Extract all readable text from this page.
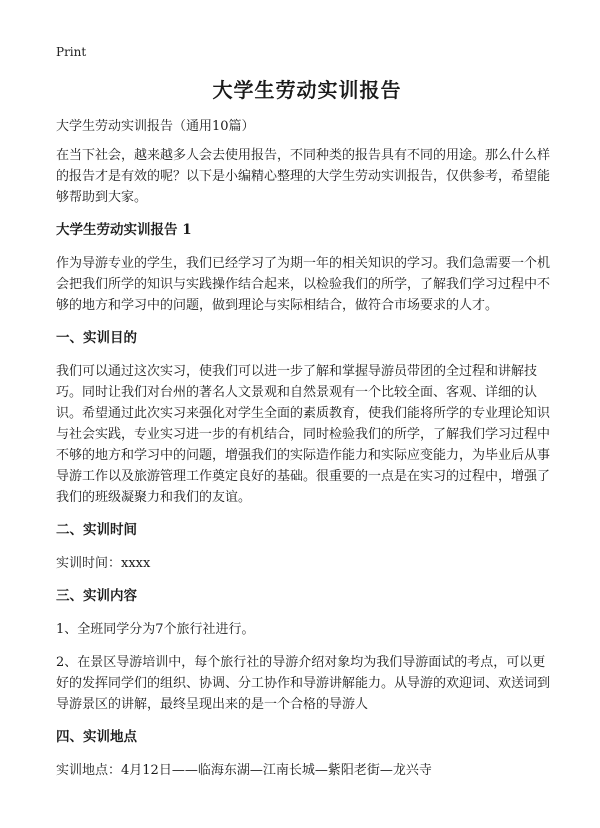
Print
大学生劳动实训报告

大学生劳动实训报告（通用10篇）

在当下社会，越来越多人会去使用报告，不同种类的报告具有不同的用途。那么什么样的报告才是有效的呢？以下是小编精心整理的大学生劳动实训报告，仅供参考，希望能够帮助到大家。

大学生劳动实训报告 1

作为导游专业的学生，我们已经学习了为期一年的相关知识的学习。我们急需要一个机会把我们所学的知识与实践操作结合起来，以检验我们的所学，了解我们学习过程中不够的地方和学习中的问题，做到理论与实际相结合，做符合市场要求的人才。

一、实训目的

我们可以通过这次实习，使我们可以进一步了解和掌握导游员带团的全过程和讲解技巧。同时让我们对台州的著名人文景观和自然景观有一个比较全面、客观、详细的认识。希望通过此次实习来强化对学生全面的素质教育，使我们能将所学的专业理论知识与社会实践，专业实习进一步的有机结合，同时检验我们的所学，了解我们学习过程中不够的地方和学习中的问题，增强我们的实际造作能力和实际应变能力，为毕业后从事导游工作以及旅游管理工作奠定良好的基础。很重要的一点是在实习的过程中，增强了我们的班级凝聚力和我们的友谊。

二、实训时间

实训时间：xxxx

三、实训内容

1、全班同学分为7个旅行社进行。

2、在景区导游培训中，每个旅行社的导游介绍对象均为我们导游面试的考点，可以更好的发挥同学们的组织、协调、分工协作和导游讲解能力。从导游的欢迎词、欢送词到导游景区的讲解，最终呈现出来的是一个合格的导游人

四、实训地点

实训地点：4月12日——临海东湖—江南长城—紫阳老街—龙兴寺
